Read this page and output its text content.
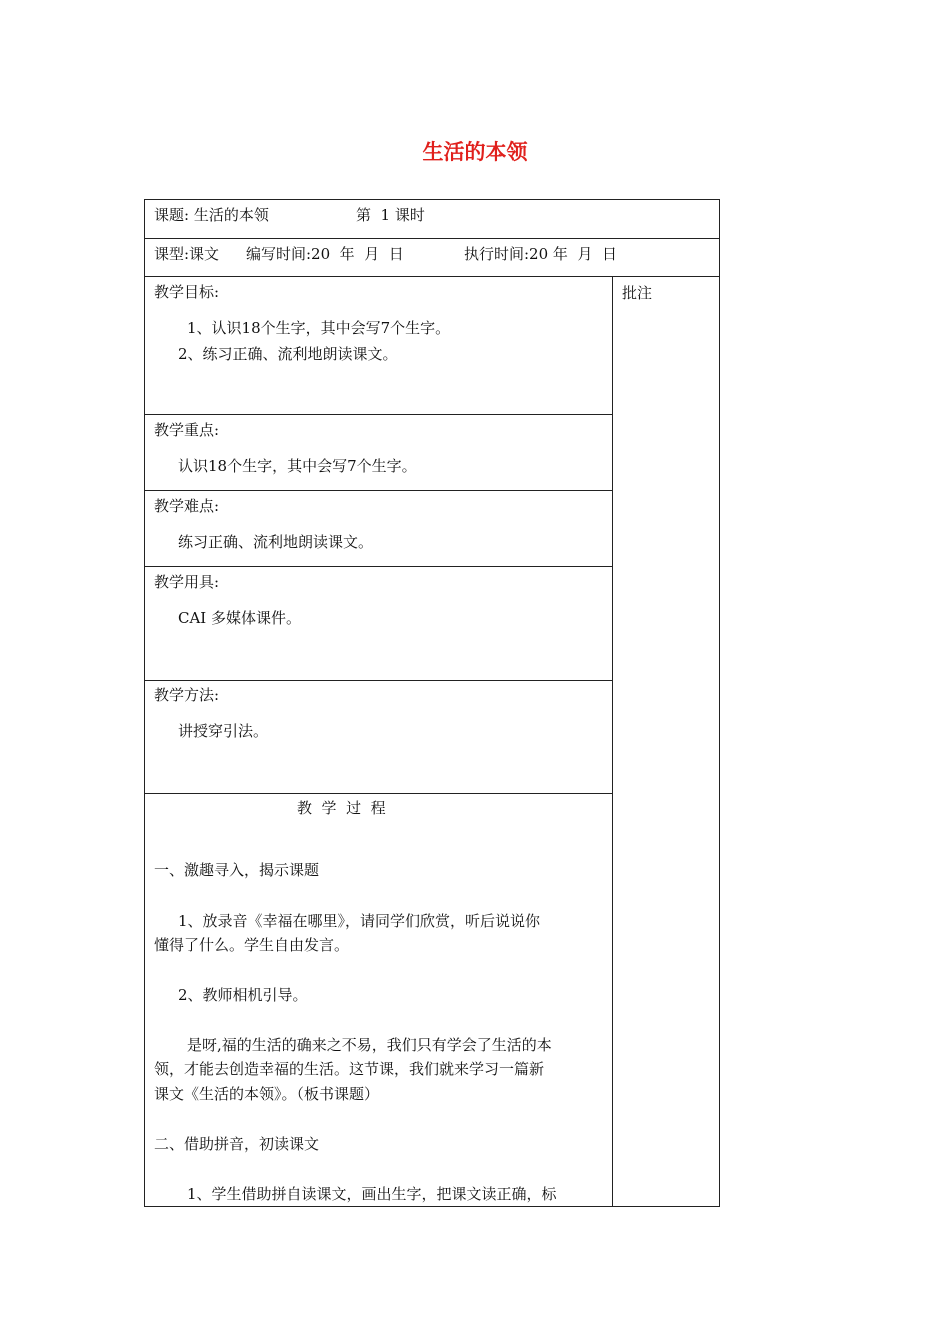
生活的本领
课题: 生活的本领	第  1 课时
课型:课文 编写时间:20  年  月  日	执行时间:20 年  月  日
批注
教学目标:
1、认识18个生字，其中会写7个生字。
2、练习正确、流利地朗读课文。
教学重点:
认识18个生字，其中会写7个生字。
教学难点:
练习正确、流利地朗读课文。
教学用具:
CAI 多媒体课件。
教学方法:
讲授穿引法。
教  学  过  程
一、激趣寻入，揭示课题
1、放录音《幸福在哪里》，请同学们欣赏，听后说说你
懂得了什么。学生自由发言。
2、教师相机引导。
是呀,福的生活的确来之不易，我们只有学会了生活的本
领，才能去创造幸福的生活。这节课，我们就来学习一篇新
课文《生活的本领》。（板书课题）
二、借助拼音，初读课文
1、学生借助拼自读课文，画出生字，把课文读正确，标
